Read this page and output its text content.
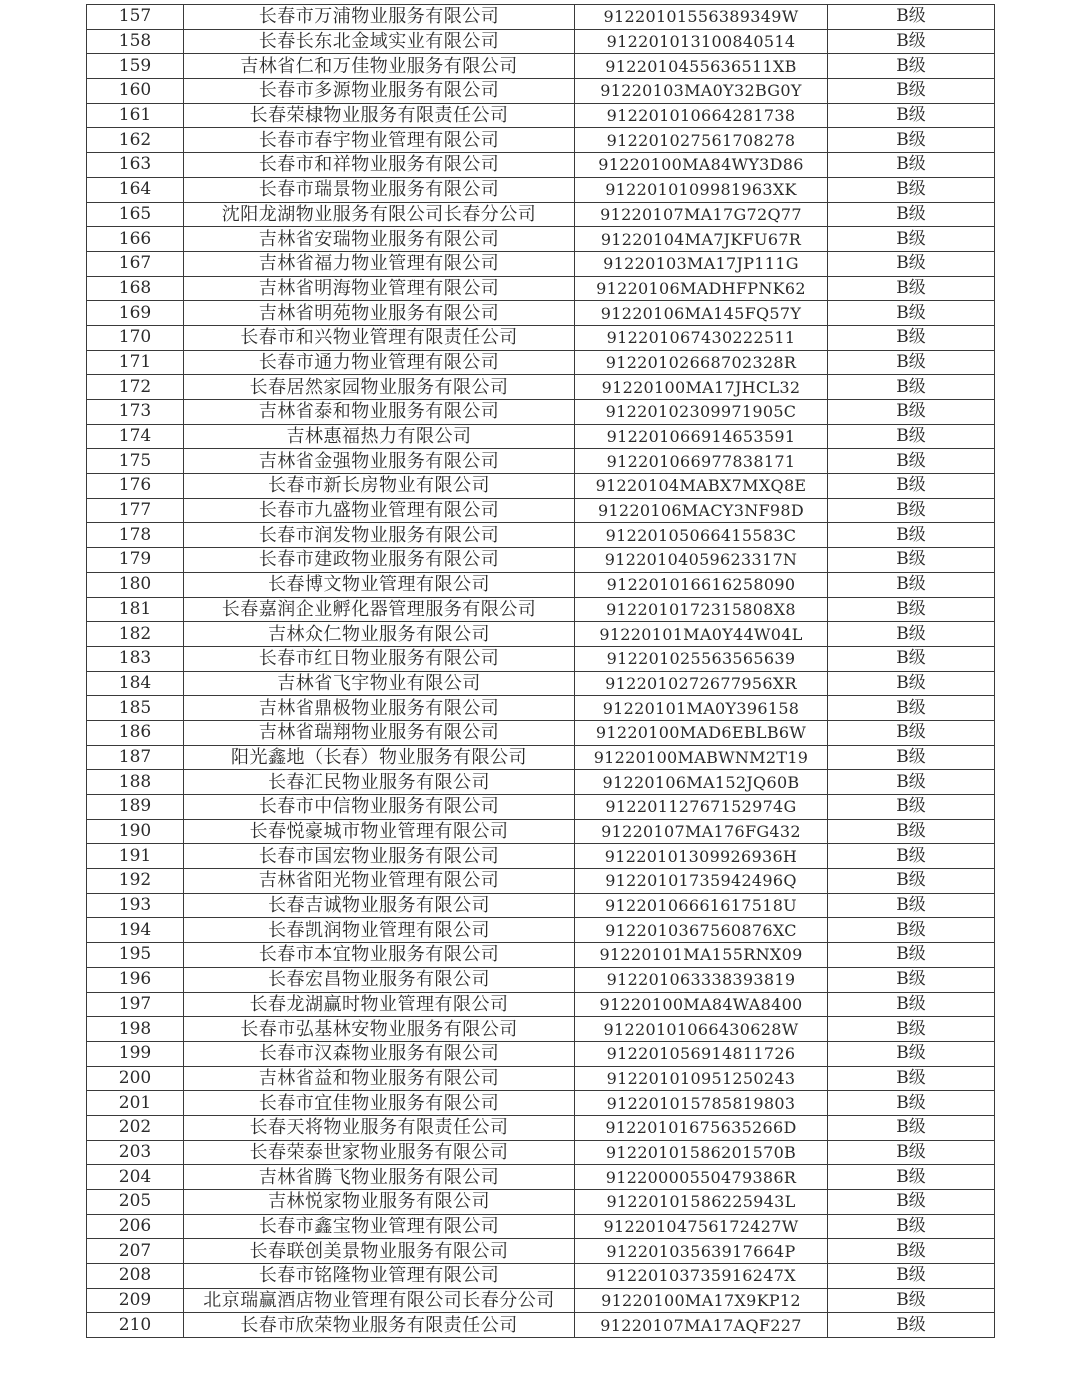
157	长春市万浦物业服务有限公司	91220101556389349W	B级
158	长春长东北金域实业有限公司	912201013100840514	B级
159	吉林省仁和万佳物业服务有限公司	9122010455636511XB	B级
160	长春市多源物业服务有限公司	91220103MA0Y32BG0Y	B级
161	长春荣棣物业服务有限责任公司	912201010664281738	B级
162	长春市春宇物业管理有限公司	912201027561708278	B级
163	长春市和祥物业服务有限公司	91220100MA84WY3D86	B级
164	长春市瑞景物业服务有限公司	9122010109981963XK	B级
165	沈阳龙湖物业服务有限公司长春分公司	91220107MA17G72Q77	B级
166	吉林省安瑞物业服务有限公司	91220104MA7JKFU67R	B级
167	吉林省福力物业管理有限公司	91220103MA17JP111G	B级
168	吉林省明海物业管理有限公司	91220106MADHFPNK62	B级
169	吉林省明苑物业服务有限公司	91220106MA145FQ57Y	B级
170	长春市和兴物业管理有限责任公司	912201067430222511	B级
171	长春市通力物业管理有限公司	91220102668702328R	B级
172	长春居然家园物业服务有限公司	91220100MA17JHCL32	B级
173	吉林省泰和物业服务有限公司	91220102309971905C	B级
174	吉林惠福热力有限公司	912201066914653591	B级
175	吉林省金强物业服务有限公司	912201066977838171	B级
176	长春市新长房物业有限公司	91220104MABX7MXQ8E	B级
177	长春市九盛物业管理有限公司	91220106MACY3NF98D	B级
178	长春市润发物业服务有限公司	91220105066415583C	B级
179	长春市建政物业服务有限公司	91220104059623317N	B级
180	长春博文物业管理有限公司	912201016616258090	B级
181	长春嘉润企业孵化器管理服务有限公司	9122010172315808X8	B级
182	吉林众仁物业服务有限公司	91220101MA0Y44W04L	B级
183	长春市红日物业服务有限公司	912201025563565639	B级
184	吉林省飞宇物业有限公司	9122010272677956XR	B级
185	吉林省鼎极物业服务有限公司	91220101MA0Y396158	B级
186	吉林省瑞翔物业服务有限公司	91220100MAD6EBLB6W	B级
187	阳光鑫地（长春）物业服务有限公司	91220100MABWNM2T19	B级
188	长春汇民物业服务有限公司	91220106MA152JQ60B	B级
189	长春市中信物业服务有限公司	91220112767152974G	B级
190	长春悦豪城市物业管理有限公司	91220107MA176FG432	B级
191	长春市国宏物业服务有限公司	91220101309926936H	B级
192	吉林省阳光物业管理有限公司	91220101735942496Q	B级
193	长春吉诚物业服务有限公司	91220106661617518U	B级
194	长春凯润物业管理有限公司	9122010367560876XC	B级
195	长春市本宜物业服务有限公司	91220101MA155RNX09	B级
196	长春宏昌物业服务有限公司	912201063338393819	B级
197	长春龙湖赢时物业管理有限公司	91220100MA84WA8400	B级
198	长春市弘基林安物业服务有限公司	91220101066430628W	B级
199	长春市汉森物业服务有限公司	912201056914811726	B级
200	吉林省益和物业服务有限公司	912201010951250243	B级
201	长春市宜佳物业服务有限公司	912201015785819803	B级
202	长春天将物业服务有限责任公司	91220101675635266D	B级
203	长春荣泰世家物业服务有限公司	91220101586201570B	B级
204	吉林省腾飞物业服务有限公司	91220000550479386R	B级
205	吉林悦家物业服务有限公司	91220101586225943L	B级
206	长春市鑫宝物业管理有限公司	91220104756172427W	B级
207	长春联创美景物业服务有限公司	91220103563917664P	B级
208	长春市铭隆物业管理有限公司	91220103735916247X	B级
209	北京瑞赢酒店物业管理有限公司长春分公司	91220100MA17X9KP12	B级
210	长春市欣荣物业服务有限责任公司	91220107MA17AQF227	B级
